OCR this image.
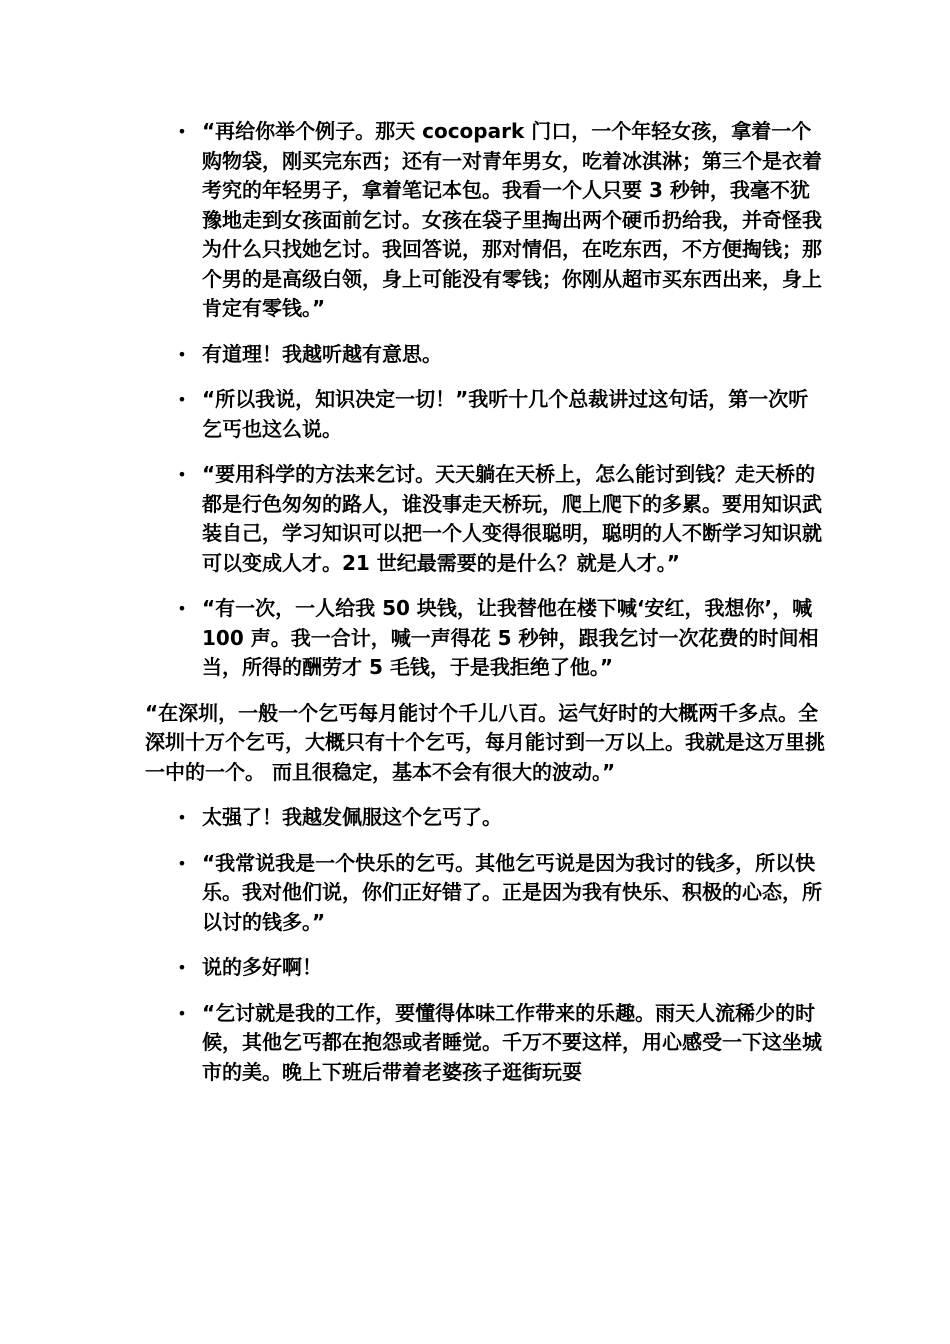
• “再给你举个例子。那天 cocopark 门口，一个年轻女孩，拿着一个购物袋，刚买完东西；还有一对青年男女，吃着冰淇淋；第三个是衣着考究的年轻男子，拿着笔记本包。我看一个人只要 3 秒钟，我毫不犹豫地走到女孩面前乞讨。女孩在袋子里掏出两个硬币扔给我，并奇怪我为什么只找她乞讨。我回答说，那对情侣，在吃东西，不方便掏钱；那个男的是高级白领，身上可能没有零钱；你刚从超市买东西出来，身上肯定有零钱。”
• 有道理！我越听越有意思。
• “所以我说，知识决定一切！”我听十几个总裁讲过这句话，第一次听乞丐也这么说。
• “要用科学的方法来乞讨。天天躺在天桥上，怎么能讨到钱？走天桥的都是行色匆匆的路人，谁没事走天桥玩，爬上爬下的多累。要用知识武装自己，学习知识可以把一个人变得很聪明，聪明的人不断学习知识就可以变成人才。21 世纪最需要的是什么？就是人才。”
• “有一次，一人给我 50 块钱，让我替他在楼下喊‘安红，我想你’，喊 100 声。我一合计，喊一声得花 5 秒钟，跟我乞讨一次花费的时间相当，所得的酬劳才 5 毛钱，于是我拒绝了他。”

“在深圳，一般一个乞丐每月能讨个千儿八百。运气好时的大概两千多点。全深圳十万个乞丐，大概只有十个乞丐，每月能讨到一万以上。我就是这万里挑一中的一个。 而且很稳定，基本不会有很大的波动。”

• 太强了！我越发佩服这个乞丐了。
• “我常说我是一个快乐的乞丐。其他乞丐说是因为我讨的钱多，所以快乐。我对他们说，你们正好错了。正是因为我有快乐、积极的心态，所以讨的钱多。”
• 说的多好啊！
• “乞讨就是我的工作，要懂得体味工作带来的乐趣。雨天人流稀少的时候，其他乞丐都在抱怨或者睡觉。千万不要这样，用心感受一下这坐城市的美。晚上下班后带着老婆孩子逛街玩耍
